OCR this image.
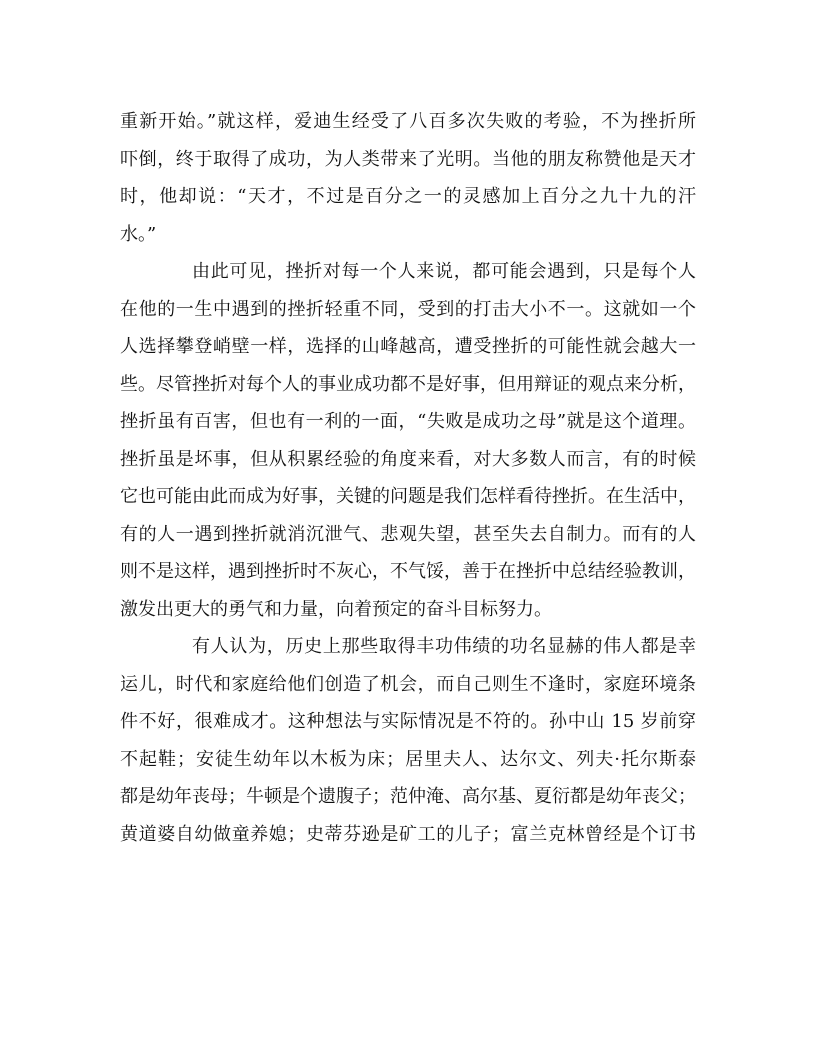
重新开始。”就这样，爱迪生经受了八百多次失败的考验，不为挫折所
吓倒，终于取得了成功，为人类带来了光明。当他的朋友称赞他是天才
时，他却说：“天才，不过是百分之一的灵感加上百分之九十九的汗
水。”
由此可见，挫折对每一个人来说，都可能会遇到，只是每个人
在他的一生中遇到的挫折轻重不同，受到的打击大小不一。这就如一个
人选择攀登峭壁一样，选择的山峰越高，遭受挫折的可能性就会越大一
些。尽管挫折对每个人的事业成功都不是好事，但用辩证的观点来分析，
挫折虽有百害，但也有一利的一面，“失败是成功之母”就是这个道理。
挫折虽是坏事，但从积累经验的角度来看，对大多数人而言，有的时候
它也可能由此而成为好事，关键的问题是我们怎样看待挫折。在生活中，
有的人一遇到挫折就消沉泄气、悲观失望，甚至失去自制力。而有的人
则不是这样，遇到挫折时不灰心，不气馁，善于在挫折中总结经验教训，
激发出更大的勇气和力量，向着预定的奋斗目标努力。
有人认为，历史上那些取得丰功伟绩的功名显赫的伟人都是幸
运儿，时代和家庭给他们创造了机会，而自己则生不逢时，家庭环境条
件不好，很难成才。这种想法与实际情况是不符的。孙中山 15 岁前穿
不起鞋；安徒生幼年以木板为床；居里夫人、达尔文、列夫·托尔斯泰
都是幼年丧母；牛顿是个遗腹子；范仲淹、高尔基、夏衍都是幼年丧父；
黄道婆自幼做童养媳；史蒂芬逊是矿工的儿子；富兰克林曾经是个订书
